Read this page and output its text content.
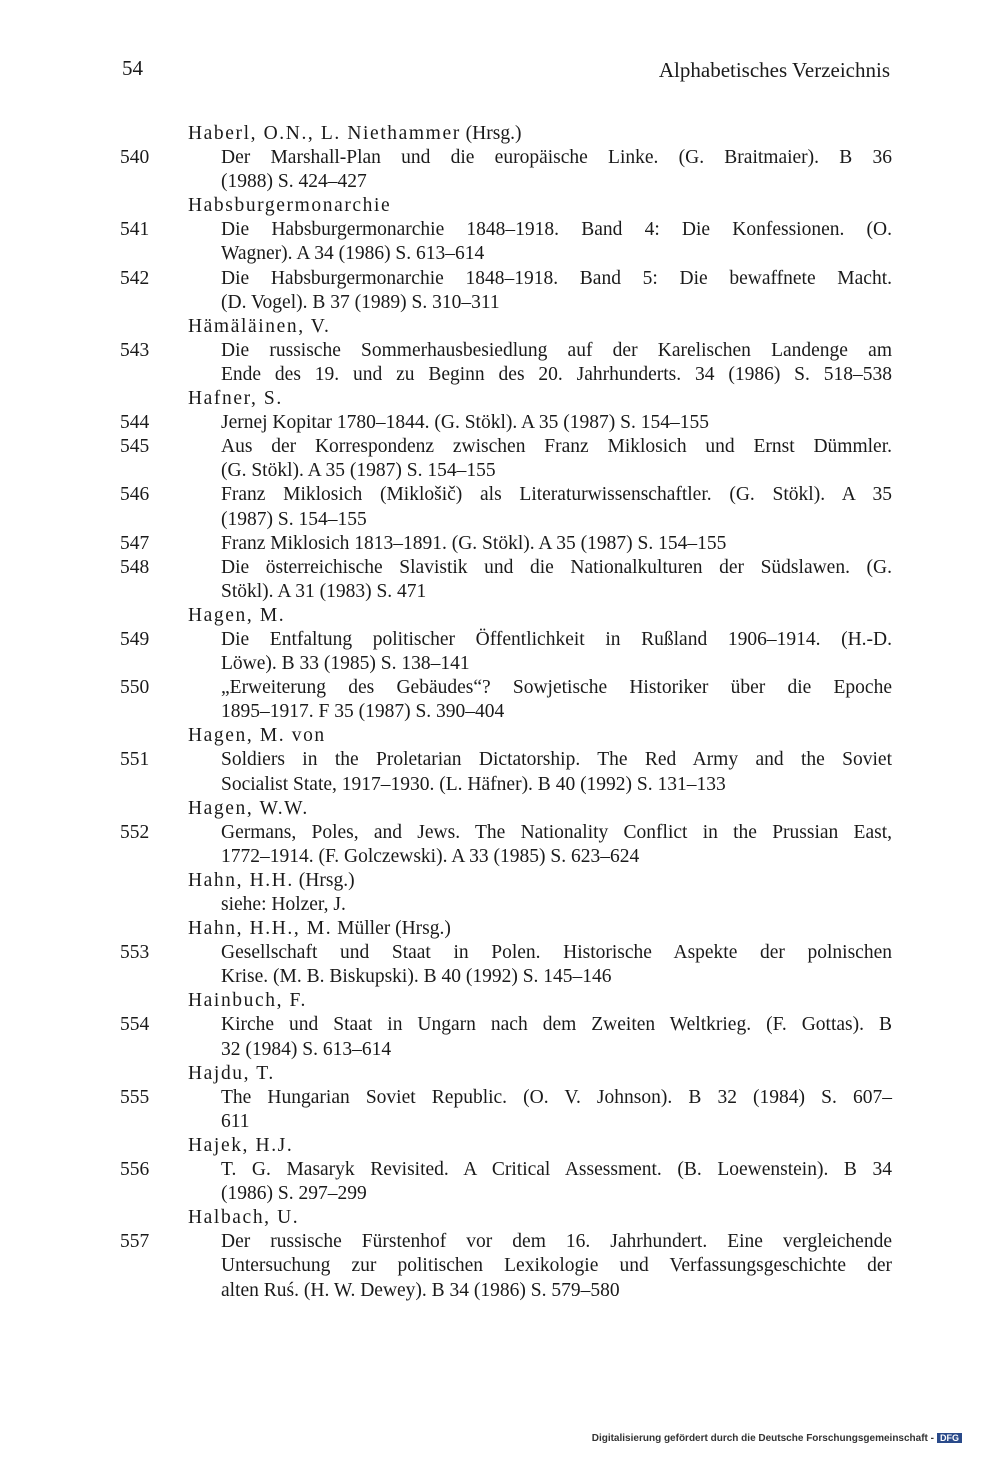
54	Alphabetisches Verzeichnis
Haberl, O.N., L. Niethammer (Hrsg.)
540	Der Marshall-Plan und die europäische Linke. (G. Braitmaier). B 36
(1988) S. 424–427
Habsburgermonarchie
541	Die Habsburgermonarchie 1848–1918. Band 4: Die Konfessionen. (O.
Wagner). A 34 (1986) S. 613–614
542	Die Habsburgermonarchie 1848–1918. Band 5: Die bewaffnete Macht.
(D. Vogel). B 37 (1989) S. 310–311
Hämäläinen, V.
543	Die russische Sommerhausbesiedlung auf der Karelischen Landenge am
Ende des 19. und zu Beginn des 20. Jahrhunderts. 34 (1986) S. 518–538
Hafner, S.
544	Jernej Kopitar 1780–1844. (G. Stökl). A 35 (1987) S. 154–155
545	Aus der Korrespondenz zwischen Franz Miklosich und Ernst Dümmler.
(G. Stökl). A 35 (1987) S. 154–155
546	Franz Miklosich (Miklošič) als Literaturwissenschaftler. (G. Stökl). A 35
(1987) S. 154–155
547	Franz Miklosich 1813–1891. (G. Stökl). A 35 (1987) S. 154–155
548	Die österreichische Slavistik und die Nationalkulturen der Südslawen. (G.
Stökl). A 31 (1983) S. 471
Hagen, M.
549	Die Entfaltung politischer Öffentlichkeit in Rußland 1906–1914. (H.-D.
Löwe). B 33 (1985) S. 138–141
550	„Erweiterung des Gebäudes“? Sowjetische Historiker über die Epoche
1895–1917. F 35 (1987) S. 390–404
Hagen, M. von
551	Soldiers in the Proletarian Dictatorship. The Red Army and the Soviet
Socialist State, 1917–1930. (L. Häfner). B 40 (1992) S. 131–133
Hagen, W.W.
552	Germans, Poles, and Jews. The Nationality Conflict in the Prussian East,
1772–1914. (F. Golczewski). A 33 (1985) S. 623–624
Hahn, H.H. (Hrsg.)
siehe: Holzer, J.
Hahn, H.H., M. Müller (Hrsg.)
553	Gesellschaft und Staat in Polen. Historische Aspekte der polnischen
Krise. (M. B. Biskupski). B 40 (1992) S. 145–146
Hainbuch, F.
554	Kirche und Staat in Ungarn nach dem Zweiten Weltkrieg. (F. Gottas). B
32 (1984) S. 613–614
Hajdu, T.
555	The Hungarian Soviet Republic. (O. V. Johnson). B 32 (1984) S. 607–
611
Hajek, H.J.
556	T. G. Masaryk Revisited. A Critical Assessment. (B. Loewenstein). B 34
(1986) S. 297–299
Halbach, U.
557	Der russische Fürstenhof vor dem 16. Jahrhundert. Eine vergleichende
Untersuchung zur politischen Lexikologie und Verfassungsgeschichte der
alten Ruś. (H. W. Dewey). B 34 (1986) S. 579–580
Digitalisierung gefördert durch die Deutsche Forschungsgemeinschaft - DFG
